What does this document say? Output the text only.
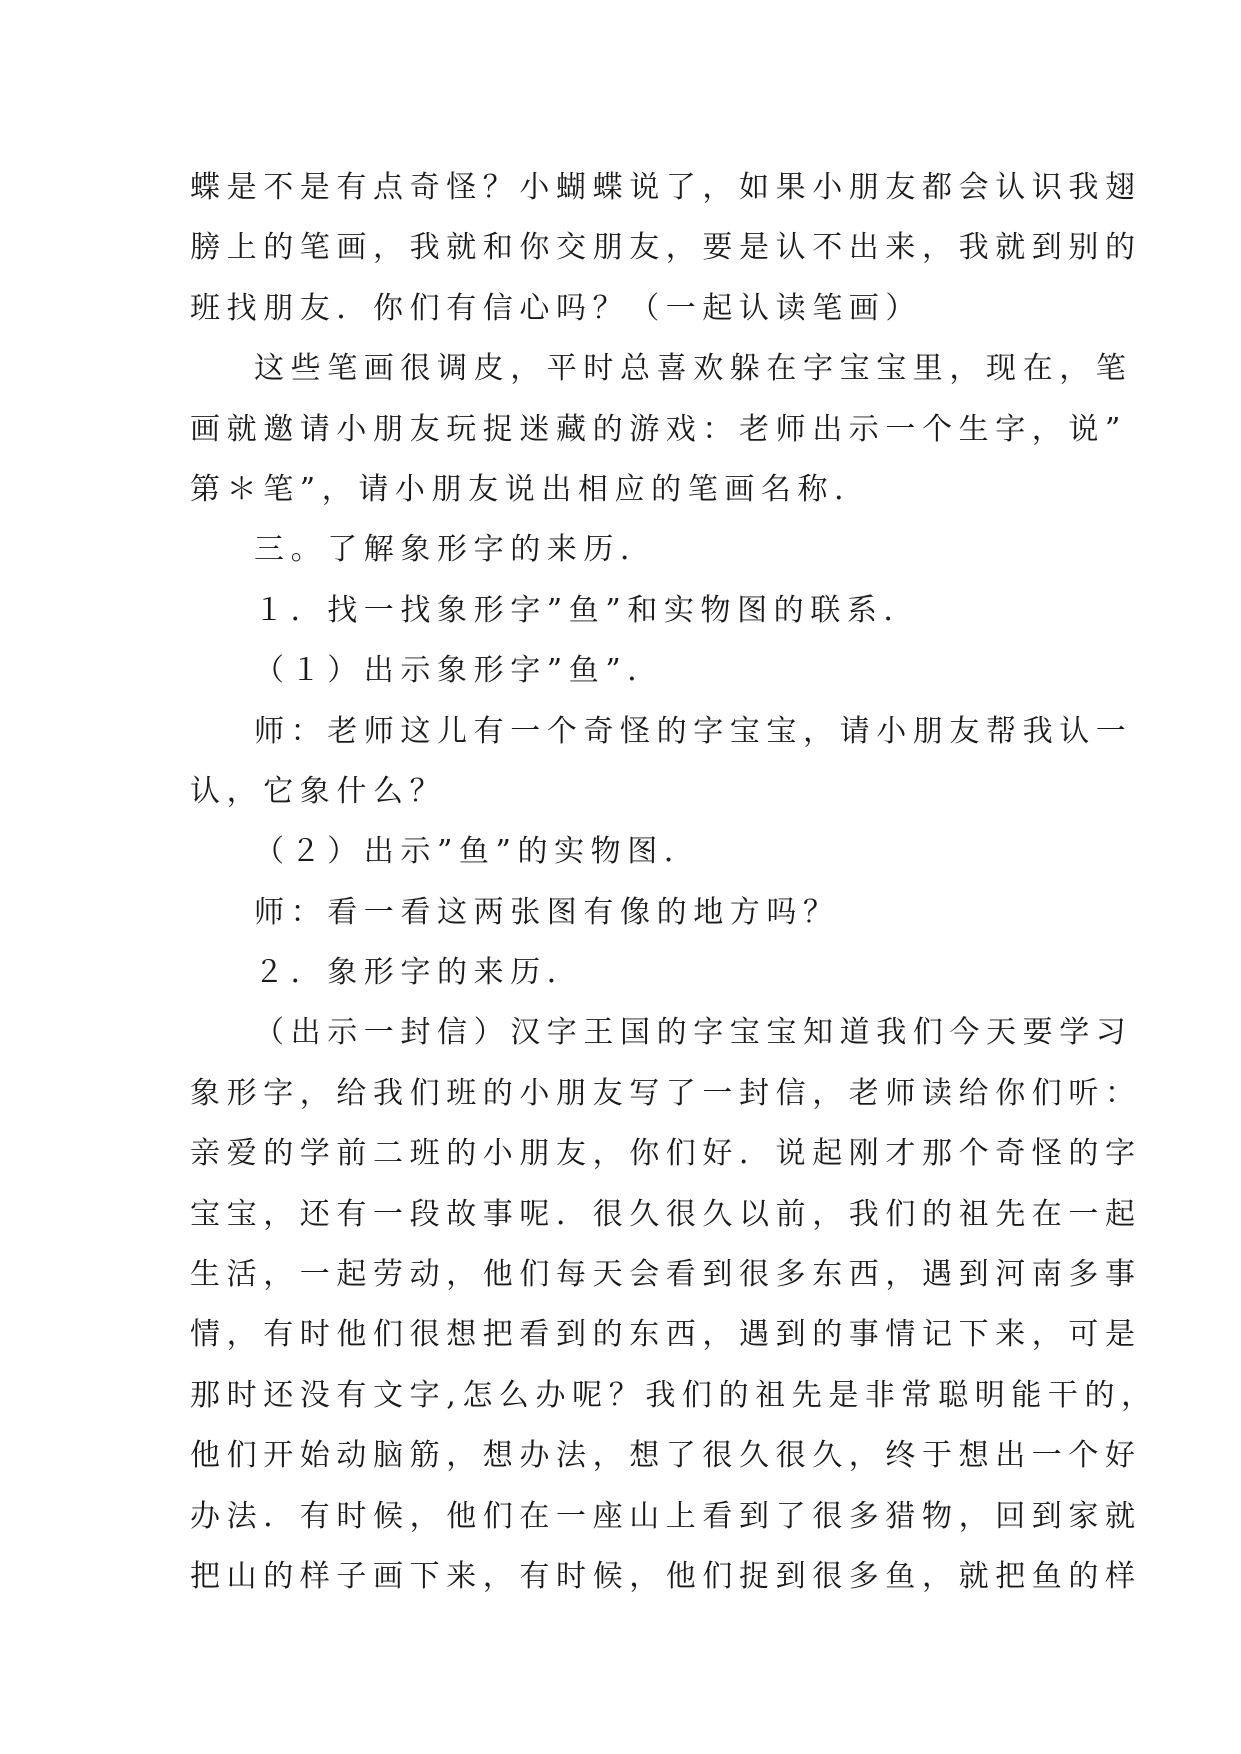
蝶是不是有点奇怪？小蝴蝶说了，如果小朋友都会认识我翅
膀上的笔画，我就和你交朋友，要是认不出来，我就到别的
班找朋友．你们有信心吗？（一起认读笔画）
这些笔画很调皮，平时总喜欢躲在字宝宝里，现在，笔
画就邀请小朋友玩捉迷藏的游戏：老师出示一个生字，说”
第＊笔”，请小朋友说出相应的笔画名称．
三。了解象形字的来历．
１．找一找象形字”鱼”和实物图的联系．
（１）出示象形字”鱼”．
师：老师这儿有一个奇怪的字宝宝，请小朋友帮我认一
认，它象什么？
（２）出示”鱼”的实物图．
师：看一看这两张图有像的地方吗？
２．象形字的来历．
（出示一封信）汉字王国的字宝宝知道我们今天要学习
象形字，给我们班的小朋友写了一封信，老师读给你们听：
亲爱的学前二班的小朋友，你们好．说起刚才那个奇怪的字
宝宝，还有一段故事呢．很久很久以前，我们的祖先在一起
生活，一起劳动，他们每天会看到很多东西，遇到河南多事
情，有时他们很想把看到的东西，遇到的事情记下来，可是
那时还没有文字,怎么办呢？我们的祖先是非常聪明能干的，
他们开始动脑筋，想办法，想了很久很久，终于想出一个好
办法．有时候，他们在一座山上看到了很多猎物，回到家就
把山的样子画下来，有时候，他们捉到很多鱼，就把鱼的样
